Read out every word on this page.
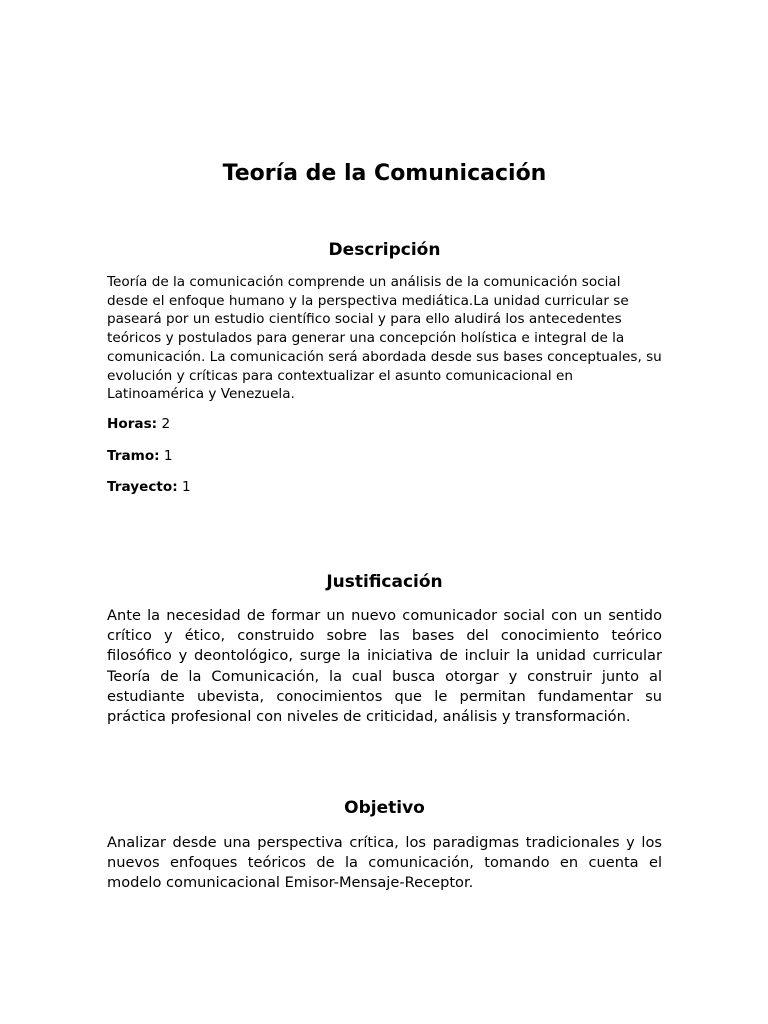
Teoría de la Comunicación
Descripción

Teoría de la comunicación comprende un análisis de la comunicación social desde el enfoque humano y la perspectiva mediática.La unidad curricular se paseará por un estudio científico social y para ello aludirá los antecedentes teóricos y postulados para generar una concepción holística e integral de la comunicación. La comunicación será abordada desde sus bases conceptuales, su evolución y críticas para contextualizar el asunto comunicacional en Latinoamérica y Venezuela.

Horas: 2

Tramo: 1

Trayecto: 1

Justificación

Ante la necesidad de formar un nuevo comunicador social con un sentido crítico y ético, construido sobre las bases del conocimiento teórico filosófico y deontológico, surge la iniciativa de incluir la unidad curricular Teoría de la Comunicación, la cual busca otorgar y construir junto al estudiante ubevista, conocimientos que le permitan fundamentar su práctica profesional con niveles de criticidad, análisis y transformación.

Objetivo

Analizar desde una perspectiva crítica, los paradigmas tradicionales y los nuevos enfoques teóricos de la comunicación, tomando en cuenta el modelo comunicacional Emisor-Mensaje-Receptor.
